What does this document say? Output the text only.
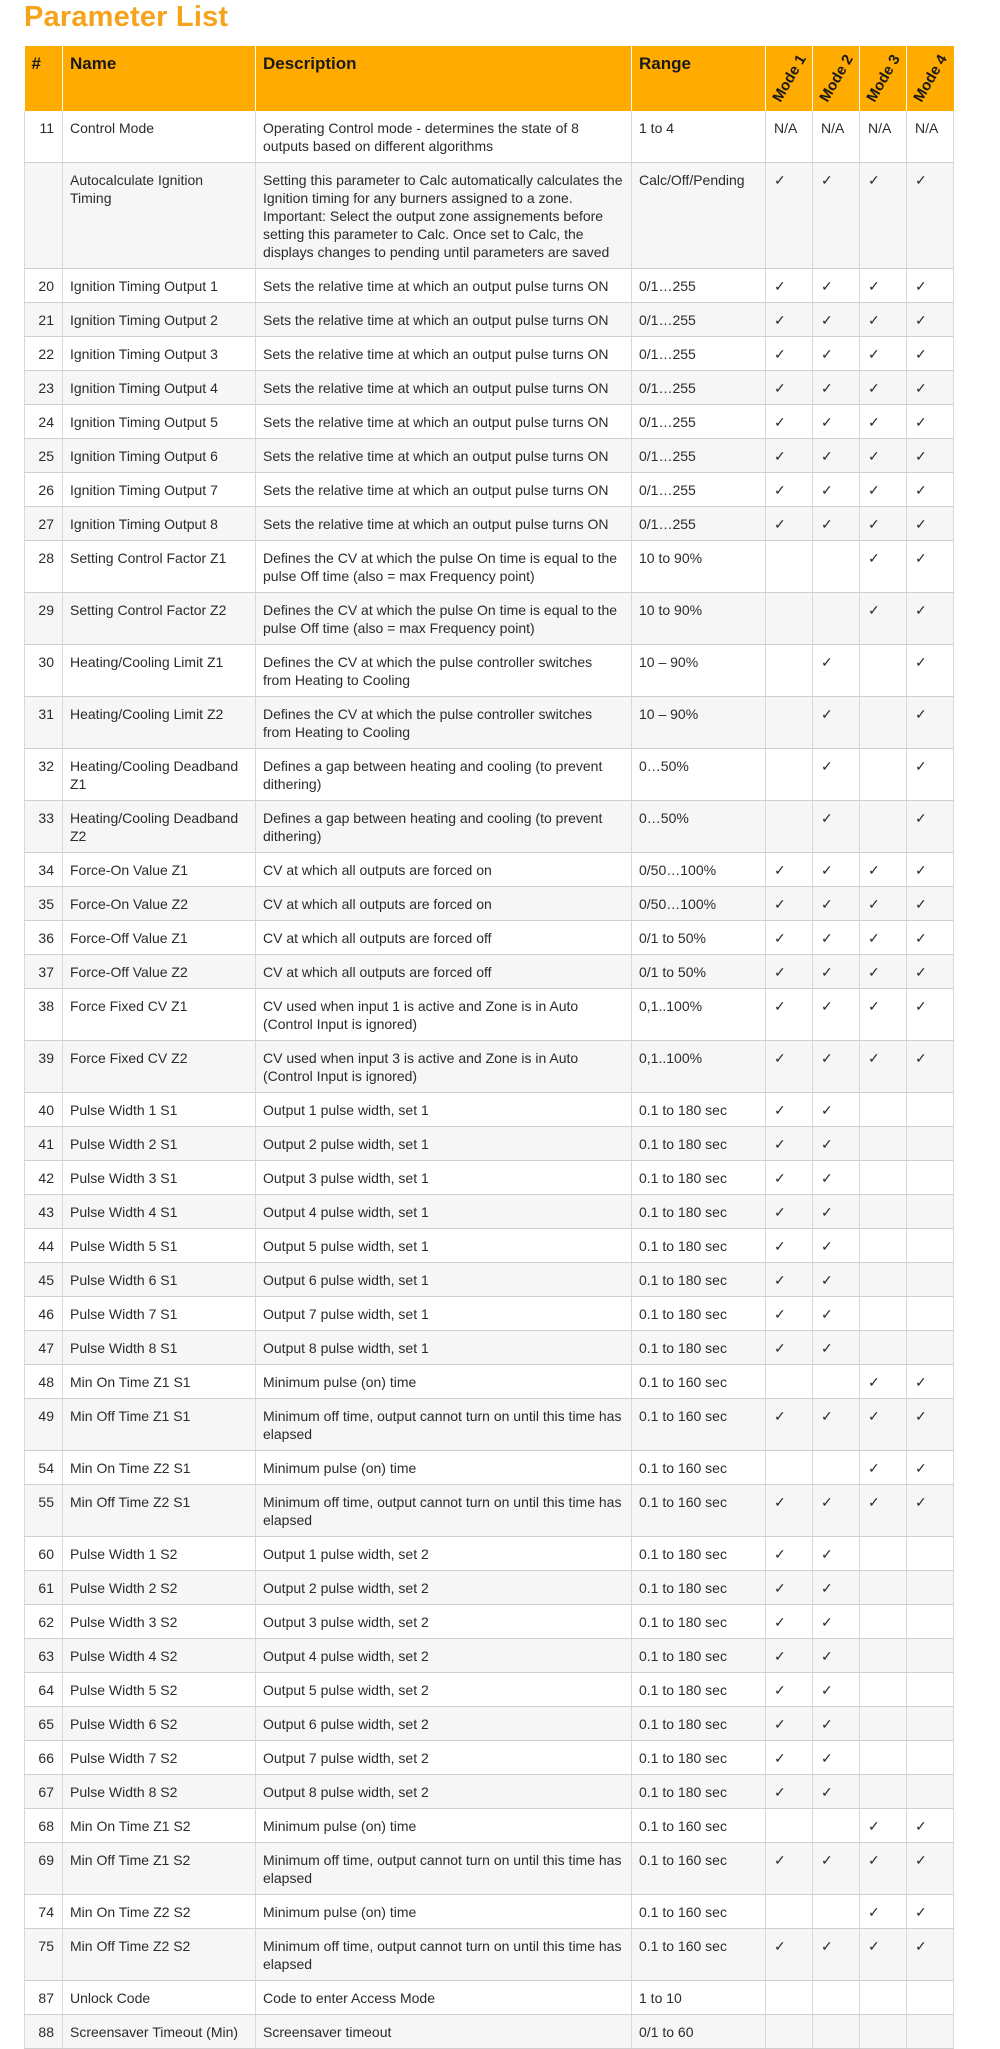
Parameter List
#	Name	Description	Range	Mode 1	Mode 2	Mode 3	Mode 4

11	Control Mode	Operating Control mode - determines the state of 8 outputs based on different algorithms	1 to 4	N/A	N/A	N/A	N/A
	Autocalculate Ignition Timing	Setting this parameter to Calc automatically calculates the Ignition timing for any burners assigned to a zone. Important: Select the output zone assignements before setting this parameter to Calc. Once set to Calc, the displays changes to pending until parameters are saved	Calc/Off/Pending	✓	✓	✓	✓
20	Ignition Timing Output 1	Sets the relative time at which an output pulse turns ON	0/1…255	✓	✓	✓	✓
21	Ignition Timing Output 2	Sets the relative time at which an output pulse turns ON	0/1…255	✓	✓	✓	✓
22	Ignition Timing Output 3	Sets the relative time at which an output pulse turns ON	0/1…255	✓	✓	✓	✓
23	Ignition Timing Output 4	Sets the relative time at which an output pulse turns ON	0/1…255	✓	✓	✓	✓
24	Ignition Timing Output 5	Sets the relative time at which an output pulse turns ON	0/1…255	✓	✓	✓	✓
25	Ignition Timing Output 6	Sets the relative time at which an output pulse turns ON	0/1…255	✓	✓	✓	✓
26	Ignition Timing Output 7	Sets the relative time at which an output pulse turns ON	0/1…255	✓	✓	✓	✓
27	Ignition Timing Output 8	Sets the relative time at which an output pulse turns ON	0/1…255	✓	✓	✓	✓
28	Setting Control Factor Z1	Defines the CV at which the pulse On time is equal to the pulse Off time (also = max Frequency point)	10 to 90%			✓	✓
29	Setting Control Factor Z2	Defines the CV at which the pulse On time is equal to the pulse Off time (also = max Frequency point)	10 to 90%			✓	✓
30	Heating/Cooling Limit Z1	Defines the CV at which the pulse controller switches from Heating to Cooling	10 – 90%		✓		✓
31	Heating/Cooling Limit Z2	Defines the CV at which the pulse controller switches from Heating to Cooling	10 – 90%		✓		✓
32	Heating/Cooling Deadband Z1	Defines a gap between heating and cooling (to prevent dithering)	0…50%		✓		✓
33	Heating/Cooling Deadband Z2	Defines a gap between heating and cooling (to prevent dithering)	0…50%		✓		✓
34	Force-On Value Z1	CV at which all outputs are forced on	0/50…100%	✓	✓	✓	✓
35	Force-On Value Z2	CV at which all outputs are forced on	0/50…100%	✓	✓	✓	✓
36	Force-Off Value Z1	CV at which all outputs are forced off	0/1 to 50%	✓	✓	✓	✓
37	Force-Off Value Z2	CV at which all outputs are forced off	0/1 to 50%	✓	✓	✓	✓
38	Force Fixed CV Z1	CV used when input 1 is active and Zone is in Auto (Control Input is ignored)	0,1..100%	✓	✓	✓	✓
39	Force Fixed CV Z2	CV used when input 3 is active and Zone is in Auto (Control Input is ignored)	0,1..100%	✓	✓	✓	✓
40	Pulse Width 1 S1	Output 1 pulse width, set 1	0.1 to 180 sec	✓	✓		
41	Pulse Width 2 S1	Output 2 pulse width, set 1	0.1 to 180 sec	✓	✓		
42	Pulse Width 3 S1	Output 3 pulse width, set 1	0.1 to 180 sec	✓	✓		
43	Pulse Width 4 S1	Output 4 pulse width, set 1	0.1 to 180 sec	✓	✓		
44	Pulse Width 5 S1	Output 5 pulse width, set 1	0.1 to 180 sec	✓	✓		
45	Pulse Width 6 S1	Output 6 pulse width, set 1	0.1 to 180 sec	✓	✓		
46	Pulse Width 7 S1	Output 7 pulse width, set 1	0.1 to 180 sec	✓	✓		
47	Pulse Width 8 S1	Output 8 pulse width, set 1	0.1 to 180 sec	✓	✓		
48	Min On Time Z1 S1	Minimum pulse (on) time	0.1 to 160 sec			✓	✓
49	Min Off Time Z1 S1	Minimum off time, output cannot turn on until this time has elapsed	0.1 to 160 sec	✓	✓	✓	✓
54	Min On Time Z2 S1	Minimum pulse (on) time	0.1 to 160 sec			✓	✓
55	Min Off Time Z2 S1	Minimum off time, output cannot turn on until this time has elapsed	0.1 to 160 sec	✓	✓	✓	✓
60	Pulse Width 1 S2	Output 1 pulse width, set 2	0.1 to 180 sec	✓	✓		
61	Pulse Width 2 S2	Output 2 pulse width, set 2	0.1 to 180 sec	✓	✓		
62	Pulse Width 3 S2	Output 3 pulse width, set 2	0.1 to 180 sec	✓	✓		
63	Pulse Width 4 S2	Output 4 pulse width, set 2	0.1 to 180 sec	✓	✓		
64	Pulse Width 5 S2	Output 5 pulse width, set 2	0.1 to 180 sec	✓	✓		
65	Pulse Width 6 S2	Output 6 pulse width, set 2	0.1 to 180 sec	✓	✓		
66	Pulse Width 7 S2	Output 7 pulse width, set 2	0.1 to 180 sec	✓	✓		
67	Pulse Width 8 S2	Output 8 pulse width, set 2	0.1 to 180 sec	✓	✓		
68	Min On Time Z1 S2	Minimum pulse (on) time	0.1 to 160 sec			✓	✓
69	Min Off Time Z1 S2	Minimum off time, output cannot turn on until this time has elapsed	0.1 to 160 sec	✓	✓	✓	✓
74	Min On Time Z2 S2	Minimum pulse (on) time	0.1 to 160 sec			✓	✓
75	Min Off Time Z2 S2	Minimum off time, output cannot turn on until this time has elapsed	0.1 to 160 sec	✓	✓	✓	✓
87	Unlock Code	Code to enter Access Mode	1 to 10				
88	Screensaver Timeout (Min)	Screensaver timeout	0/1 to 60				
